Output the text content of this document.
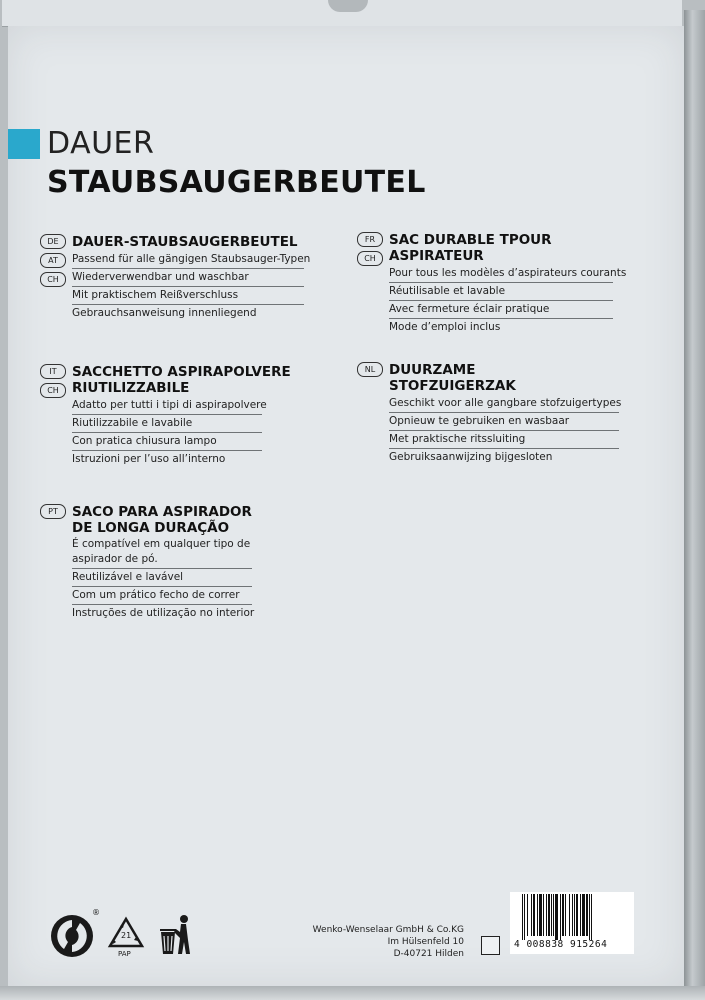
DAUER
STAUBSAUGERBEUTEL
DE
AT
CH
DAUER-STAUBSAUGERBEUTEL
Passend für alle gängigen Staubsauger-Typen
Wiederverwendbar und waschbar
Mit praktischem Reißverschluss
Gebrauchsanweisung innenliegend
FR
CH
SAC DURABLE TPOUR
ASPIRATEUR
Pour tous les modèles d’aspirateurs courants
Réutilisable et lavable
Avec fermeture éclair pratique
Mode d’emploi inclus
IT
CH
SACCHETTO ASPIRAPOLVERE
RIUTILIZZABILE
Adatto per tutti i tipi di aspirapolvere
Riutilizzabile e lavabile
Con pratica chiusura lampo
Istruzioni per l’uso all’interno
NL	DUURZAME
STOFZUIGERZAK
Geschikt voor alle gangbare stofzuigertypes
Opnieuw te gebruiken en wasbaar
Met praktische ritssluiting
Gebruiksaanwijzing bijgesloten
PT	SACO PARA ASPIRADOR
DE LONGA DURAÇÃO
É compatível em qualquer tipo de
aspirador de pó.
Reutilizável e lavável
Com um prático fecho de correr
Instruções de utilização no interior
®
21
PAP
Wenko-Wenselaar GmbH & Co.KG
Im Hülsenfeld 10
D-40721 Hilden
4 008838 915264
